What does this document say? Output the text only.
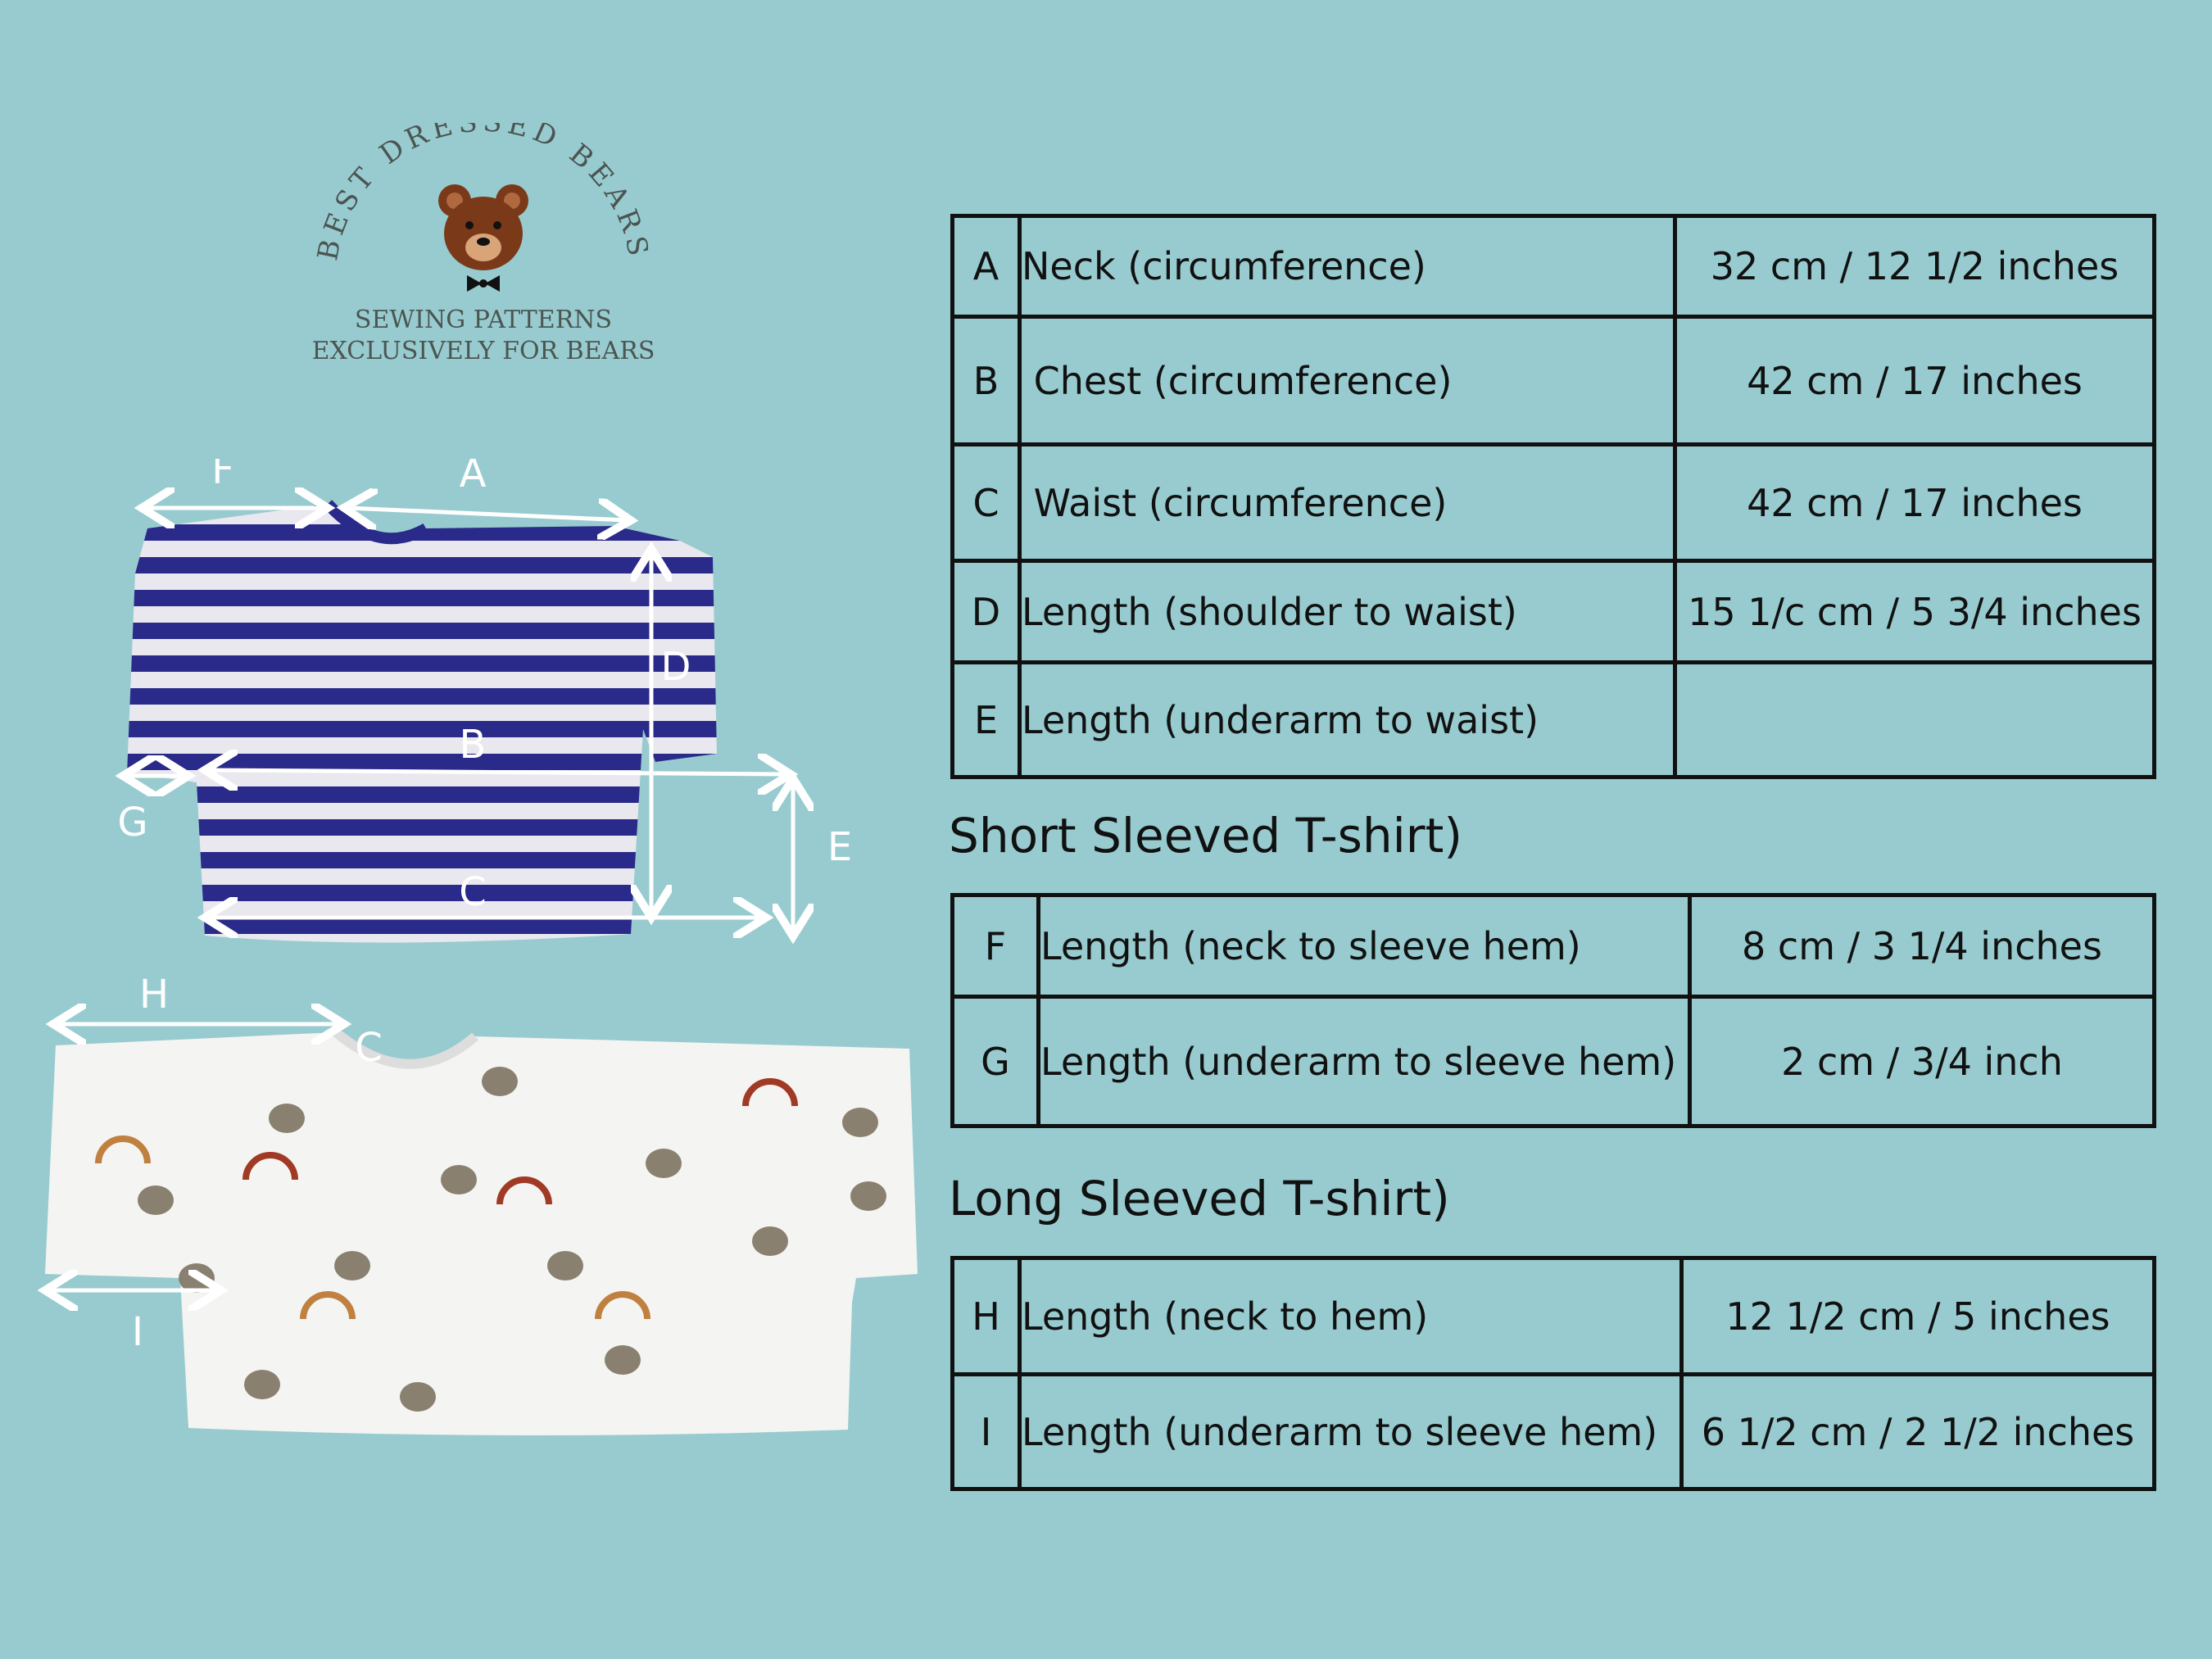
BEST DRE ED BEARS
SEWING PATTERNS
EXCLUSIVELY FOR BEARS
F	A
D
B
G
E
C
H
C
I
A	Neck (circumference)	32 cm / 12 1/2 inches
B	Chest (circumference)	42 cm / 17 inches
C	Waist (circumference)	42 cm / 17 inches
D	Length (shoulder to waist)	15 1/c cm / 5 3/4 inches
E	Length (underarm to waist)	
Short Sleeved T-shirt)
F	Length (neck to sleeve hem)	8 cm / 3 1/4 inches
G	Length (underarm to sleeve hem)	2 cm / 3/4 inch
Long Sleeved T-shirt)
H	Length (neck to hem)	12 1/2 cm / 5 inches
I	Length (underarm to sleeve hem)	6 1/2 cm / 2 1/2 inches
